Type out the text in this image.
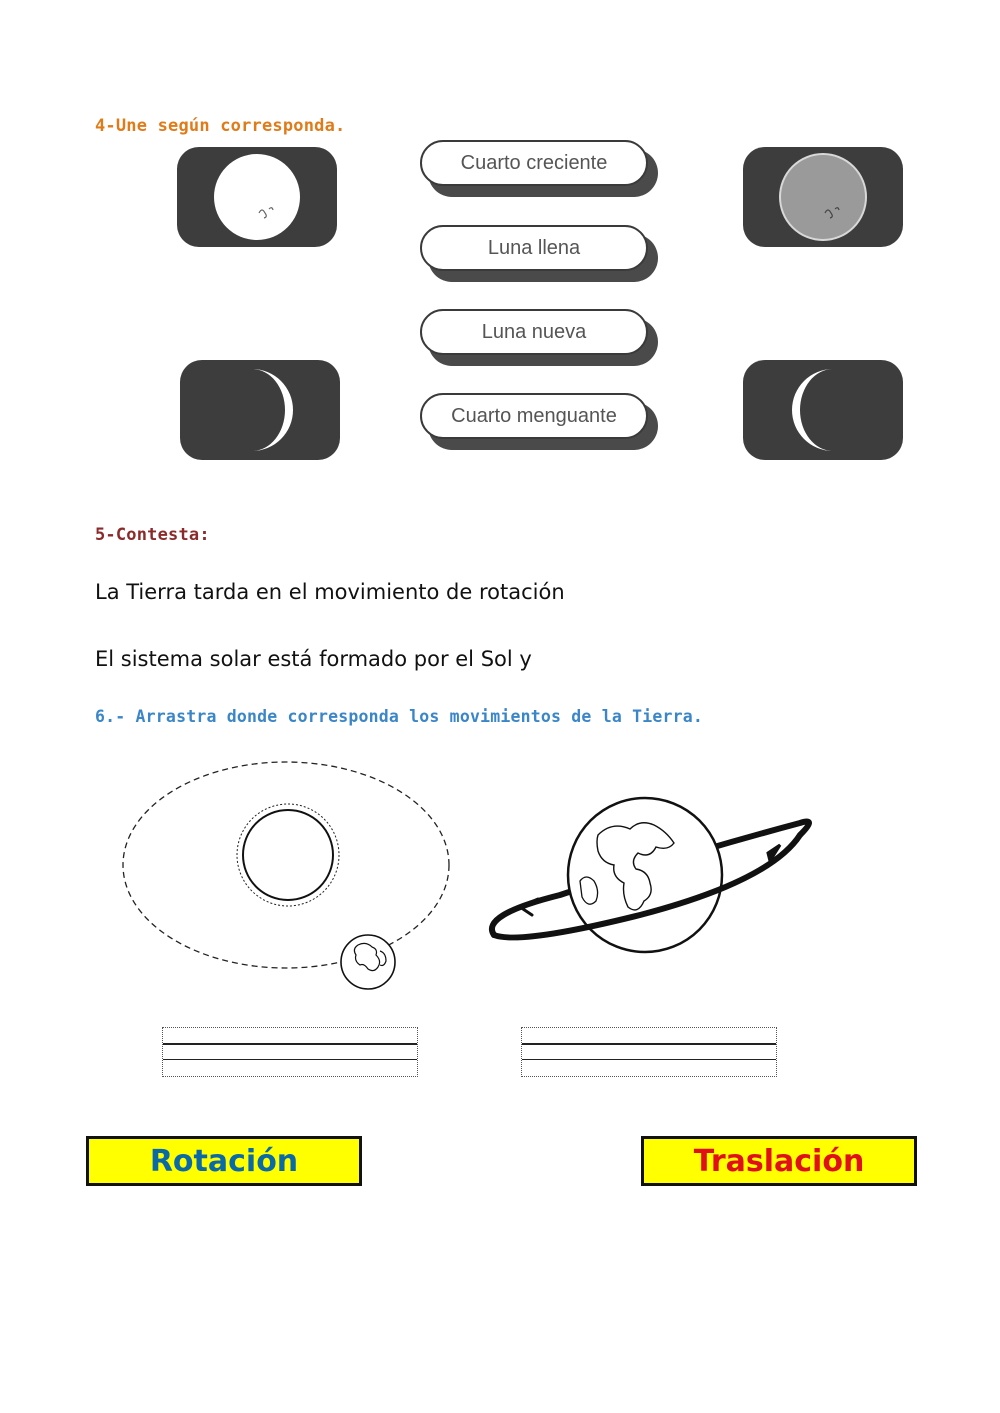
4-Une según corresponda.
Cuarto creciente
Luna llena
Luna nueva
Cuarto menguante
5-Contesta:
La Tierra tarda en el movimiento de rotación
El sistema solar está formado por el Sol y
6.- Arrastra donde corresponda los movimientos de la Tierra.
Rotación	Traslación
